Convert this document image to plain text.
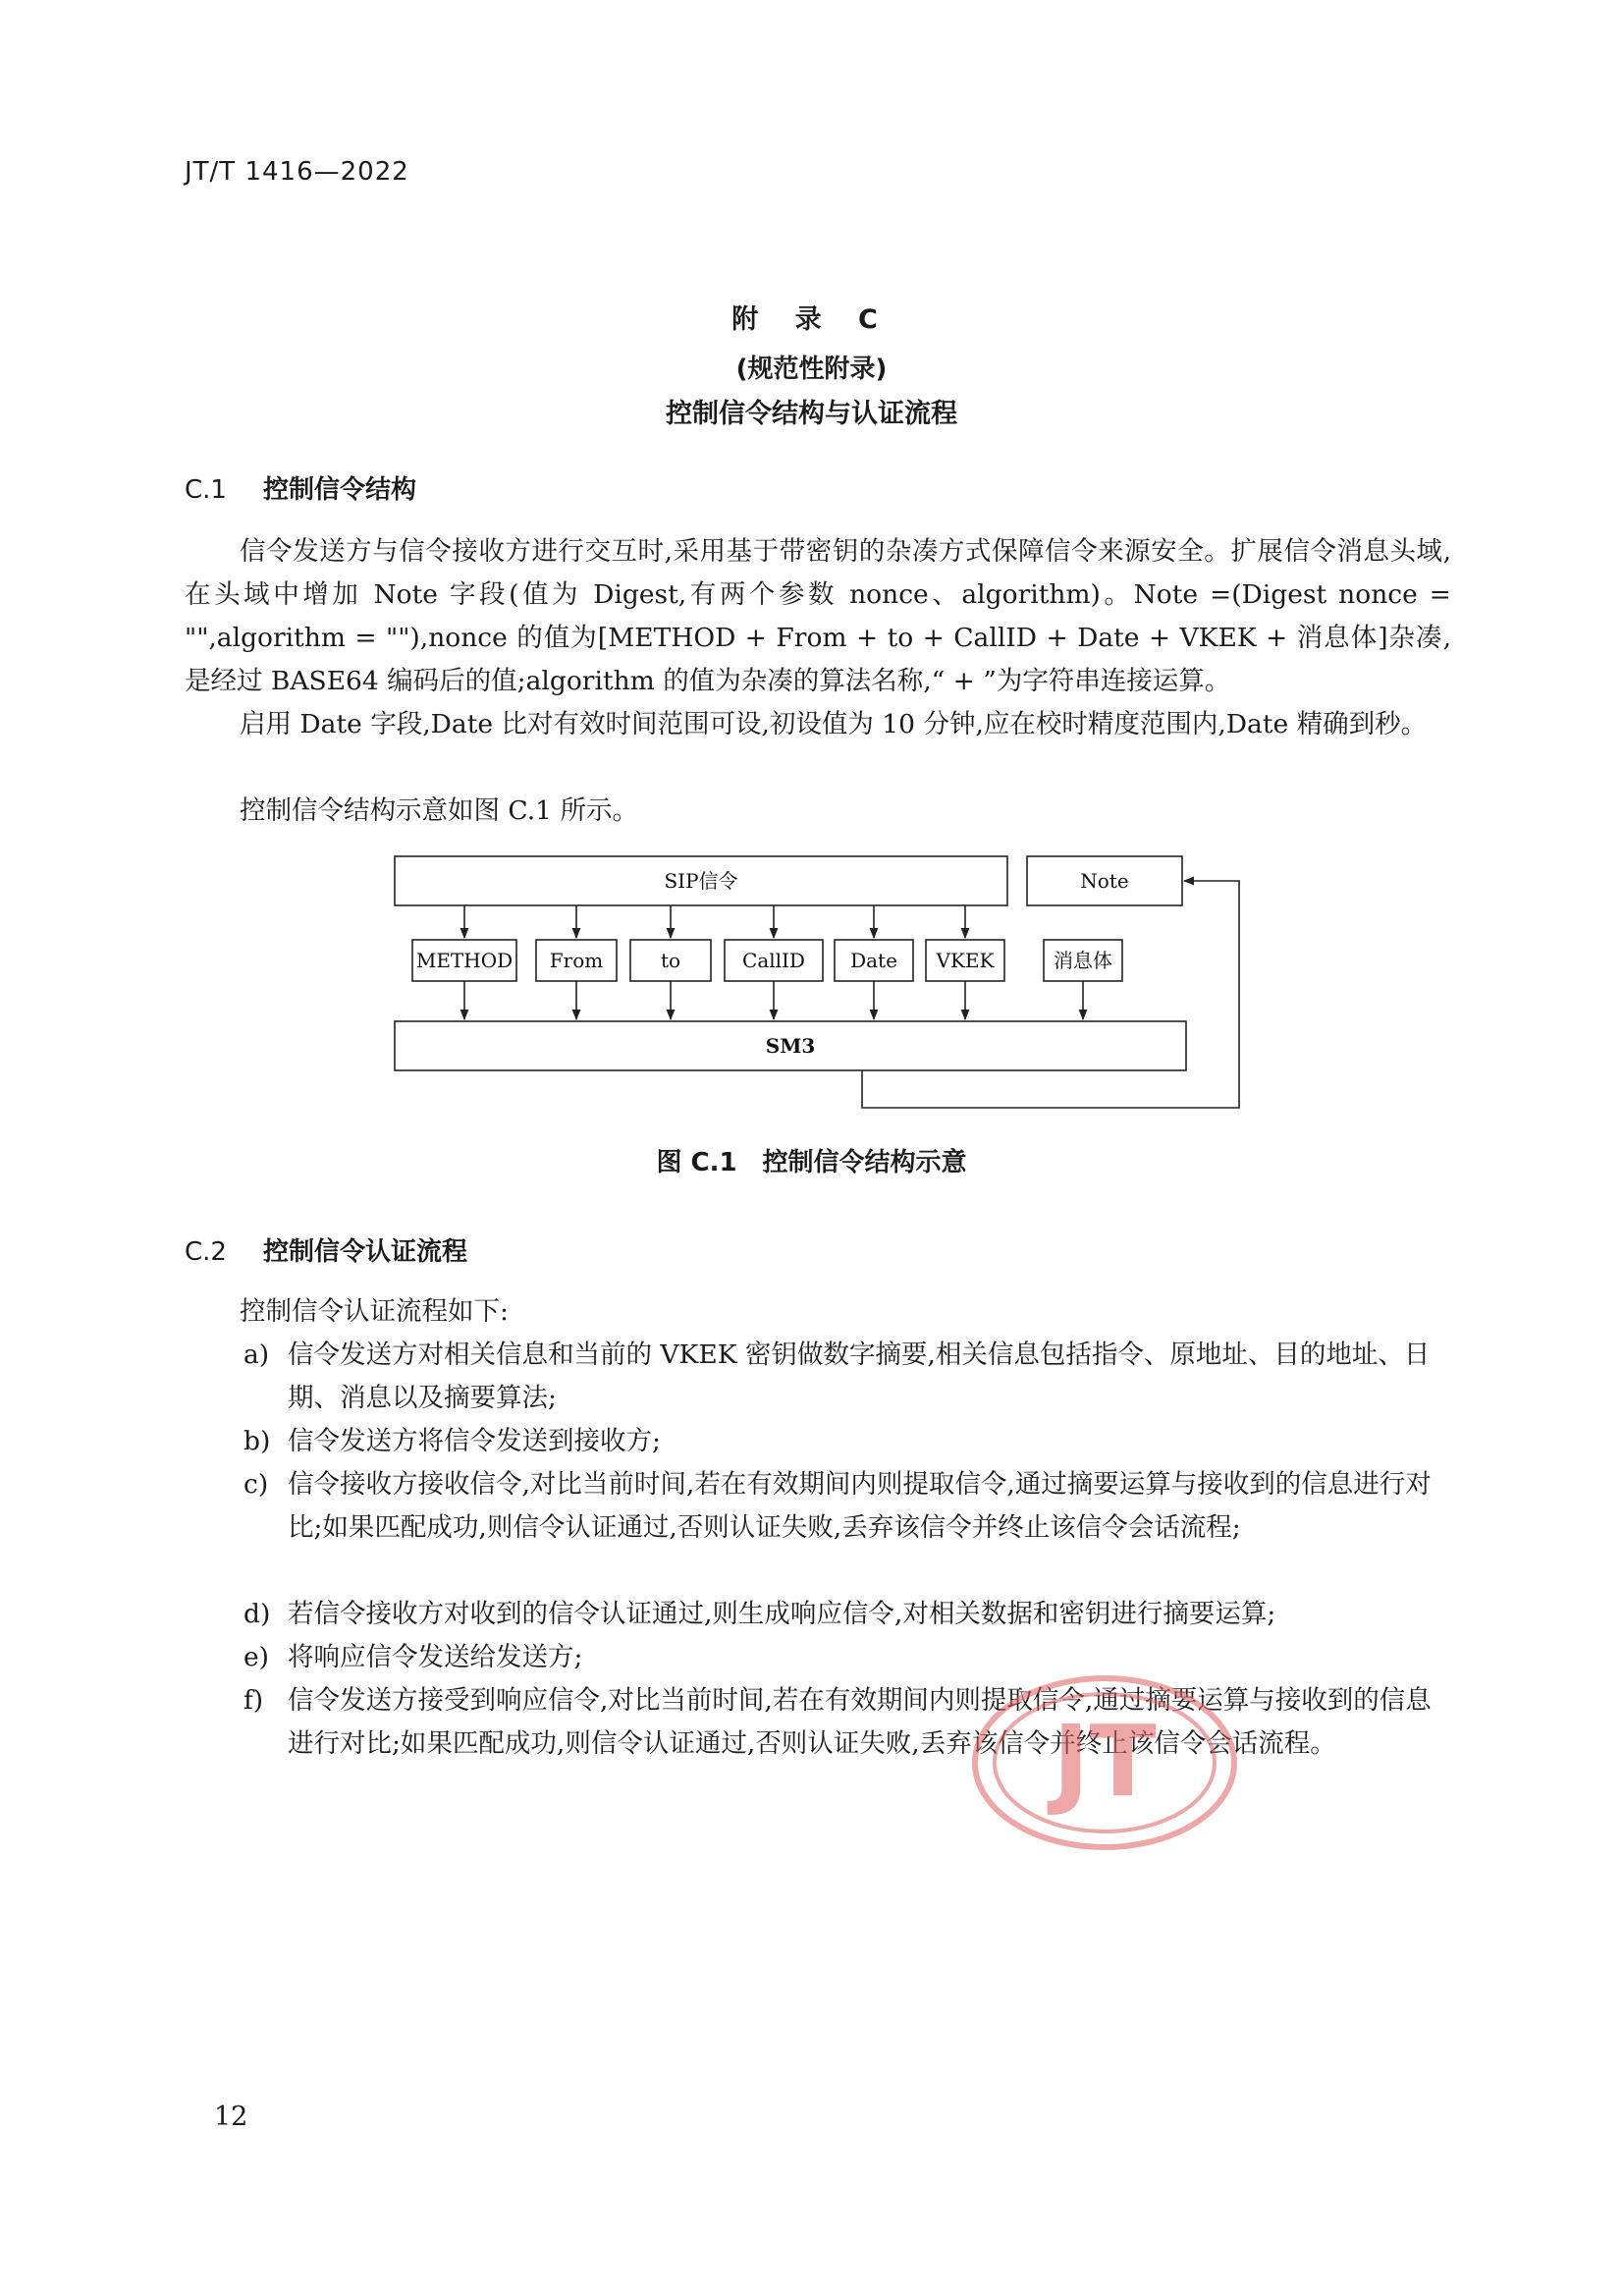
JT/T 1416—2022
附 录 C
(规范性附录)
控制信令结构与认证流程
C.1 控制信令结构

信令发送方与信令接收方进行交互时,采用基于带密钥的杂凑方式保障信令来源安全。扩展信令消息头域,在头域中增加 Note 字段(值为 Digest,有两个参数 nonce、algorithm)。Note =(Digest nonce = "",algorithm = ""),nonce 的值为[METHOD + From + to + CallID + Date + VKEK + 消息体]杂凑,是经过 BASE64 编码后的值;algorithm 的值为杂凑的算法名称,“ + ”为字符串连接运算。

启用 Date 字段,Date 比对有效时间范围可设,初设值为 10 分钟,应在校时精度范围内,Date 精确到秒。

控制信令结构示意如图 C.1 所示。

SIP信令	Note
SM3
METHOD From	to	CallID Date VKEK	消息体
图 C.1 控制信令结构示意
C.2 控制信令认证流程

控制信令认证流程如下:

a) 信令发送方对相关信息和当前的 VKEK 密钥做数字摘要,相关信息包括指令、原地址、目的地址、日期、消息以及摘要算法;
b) 信令发送方将信令发送到接收方;
c) 信令接收方接收信令,对比当前时间,若在有效期间内则提取信令,通过摘要运算与接收到的信息进行对比;如果匹配成功,则信令认证通过,否则认证失败,丢弃该信令并终止该信令会话流程;
d) 若信令接收方对收到的信令认证通过,则生成响应信令,对相关数据和密钥进行摘要运算;
e) 将响应信令发送给发送方;
f) 信令发送方接受到响应信令,对比当前时间,若在有效期间内则提取信令,通过摘要运算与接收到的信息进行对比;如果匹配成功,则信令认证通过,否则认证失败,丢弃该信令并终止该信令会话流程。
JT
12
